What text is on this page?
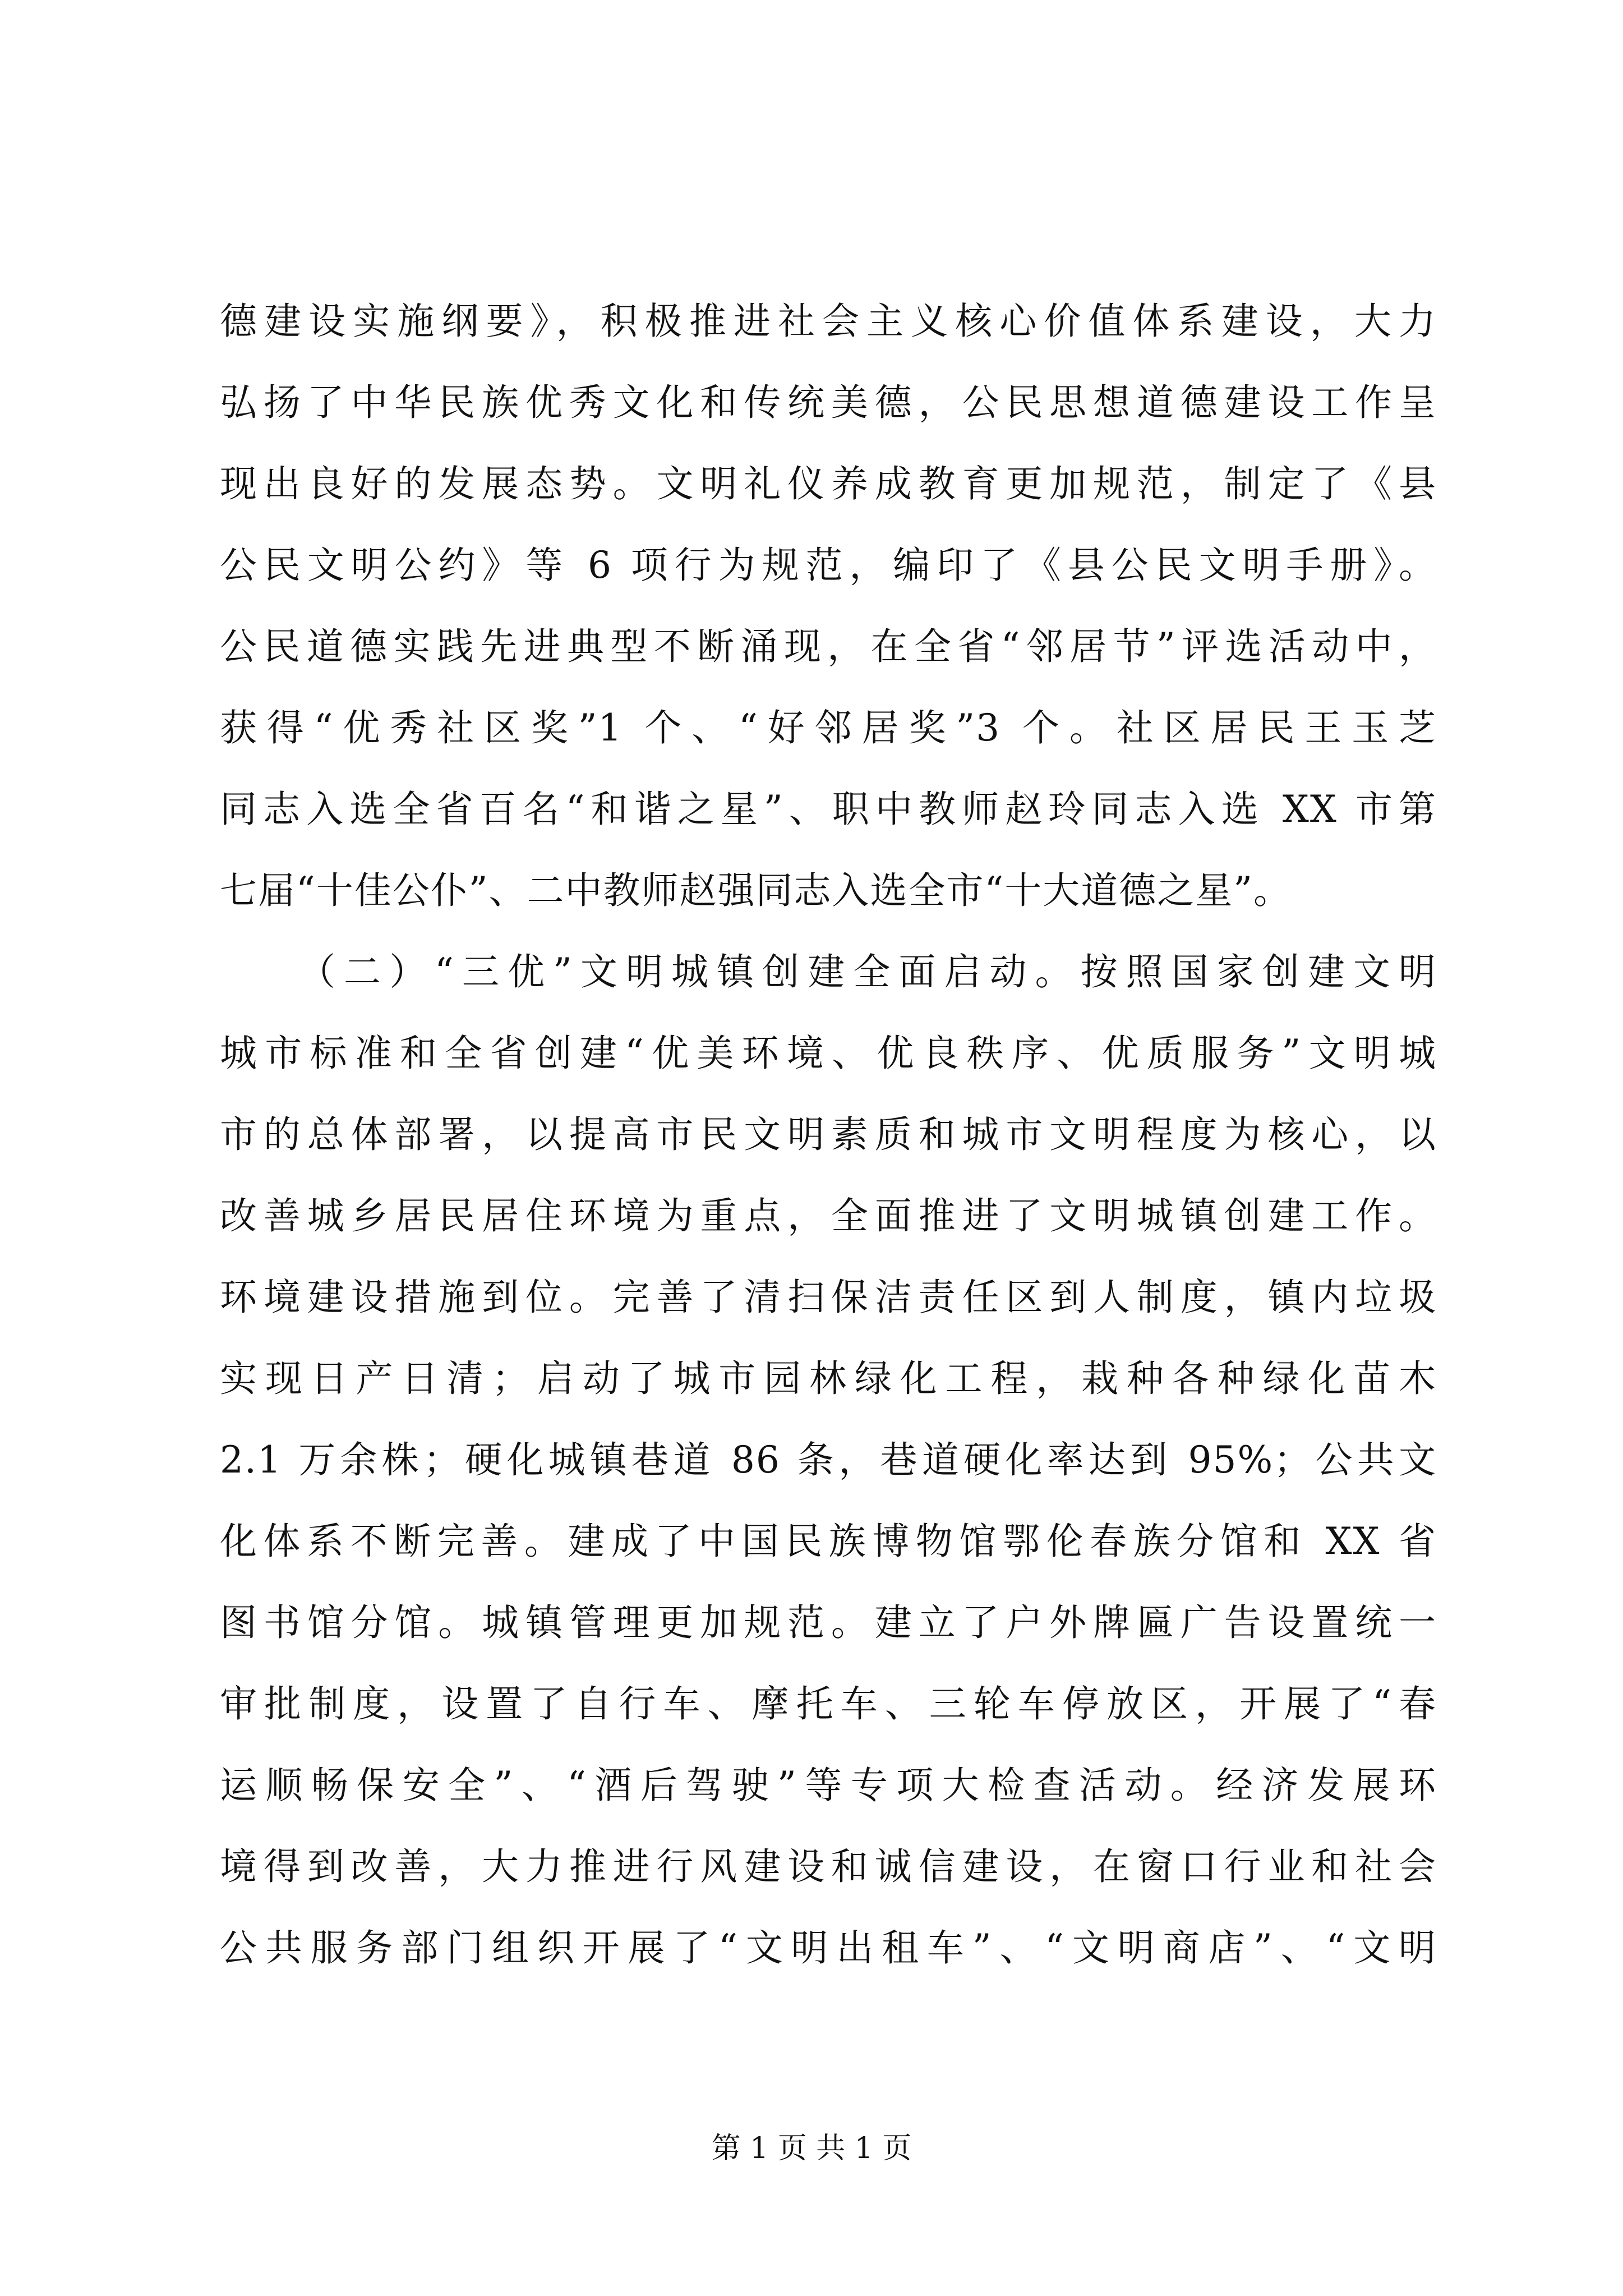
德建设实施纲要》，积极推进社会主义核心价值体系建设，大力
弘扬了中华民族优秀文化和传统美德，公民思想道德建设工作呈
现出良好的发展态势。文明礼仪养成教育更加规范，制定了《县
公民文明公约》等 6 项行为规范，编印了《县公民文明手册》。
公民道德实践先进典型不断涌现，在全省“邻居节”评选活动中，
获得“优秀社区奖”1 个、“好邻居奖”3 个。社区居民王玉芝
同志入选全省百名“和谐之星”、职中教师赵玲同志入选 XX 市第
七届“十佳公仆”、二中教师赵强同志入选全市“十大道德之星”。
（二）“三优”文明城镇创建全面启动。按照国家创建文明
城市标准和全省创建“优美环境、优良秩序、优质服务”文明城
市的总体部署，以提高市民文明素质和城市文明程度为核心，以
改善城乡居民居住环境为重点，全面推进了文明城镇创建工作。
环境建设措施到位。完善了清扫保洁责任区到人制度，镇内垃圾
实现日产日清；启动了城市园林绿化工程，栽种各种绿化苗木
2.1 万余株；硬化城镇巷道 86 条，巷道硬化率达到 95%；公共文
化体系不断完善。建成了中国民族博物馆鄂伦春族分馆和 XX 省
图书馆分馆。城镇管理更加规范。建立了户外牌匾广告设置统一
审批制度，设置了自行车、摩托车、三轮车停放区，开展了“春
运顺畅保安全”、“酒后驾驶”等专项大检查活动。经济发展环
境得到改善，大力推进行风建设和诚信建设，在窗口行业和社会
公共服务部门组织开展了“文明出租车”、“文明商店”、“文明
第 1 页 共 1 页
